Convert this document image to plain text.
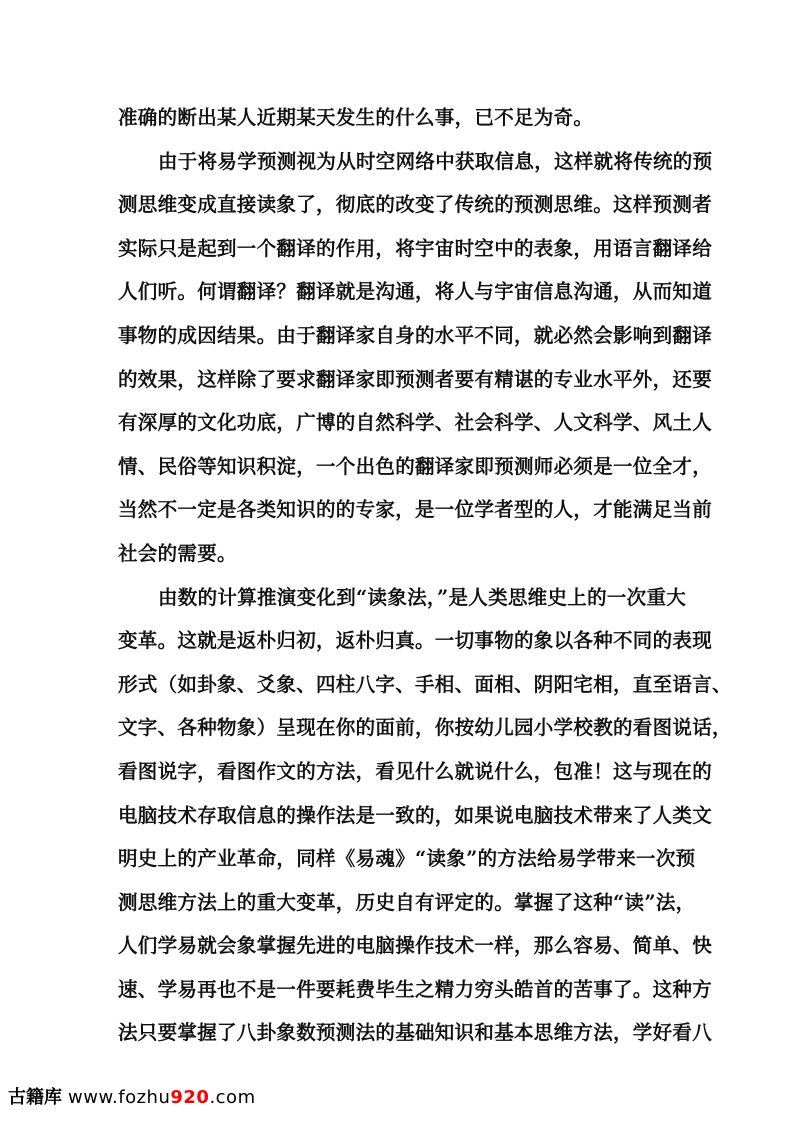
准确的断出某人近期某天发生的什么事，已不足为奇。
由于将易学预测视为从时空网络中获取信息，这样就将传统的预
测思维变成直接读象了，彻底的改变了传统的预测思维。这样预测者
实际只是起到一个翻译的作用，将宇宙时空中的表象，用语言翻译给
人们听。何谓翻译？翻译就是沟通，将人与宇宙信息沟通，从而知道
事物的成因结果。由于翻译家自身的水平不同，就必然会影响到翻译
的效果，这样除了要求翻译家即预测者要有精谌的专业水平外，还要
有深厚的文化功底，广博的自然科学、社会科学、人文科学、风土人
情、民俗等知识积淀，一个出色的翻译家即预测师必须是一位全才，
当然不一定是各类知识的的专家，是一位学者型的人，才能满足当前
社会的需要。
由数的计算推演变化到“读象法，”是人类思维史上的一次重大
变革。这就是返朴归初，返朴归真。一切事物的象以各种不同的表现
形式（如卦象、爻象、四柱八字、手相、面相、阴阳宅相，直至语言、
文字、各种物象）呈现在你的面前，你按幼儿园小学校教的看图说话，
看图说字，看图作文的方法，看见什么就说什么，包准！这与现在的
电脑技术存取信息的操作法是一致的，如果说电脑技术带来了人类文
明史上的产业革命，同样《易魂》“读象”的方法给易学带来一次预
测思维方法上的重大变革，历史自有评定的。掌握了这种“读”法，
人们学易就会象掌握先进的电脑操作技术一样，那么容易、简单、快
速、学易再也不是一件要耗费毕生之精力穷头皓首的苦事了。这种方
法只要掌握了八卦象数预测法的基础知识和基本思维方法，学好看八
古籍库 www.fozhu920.com
